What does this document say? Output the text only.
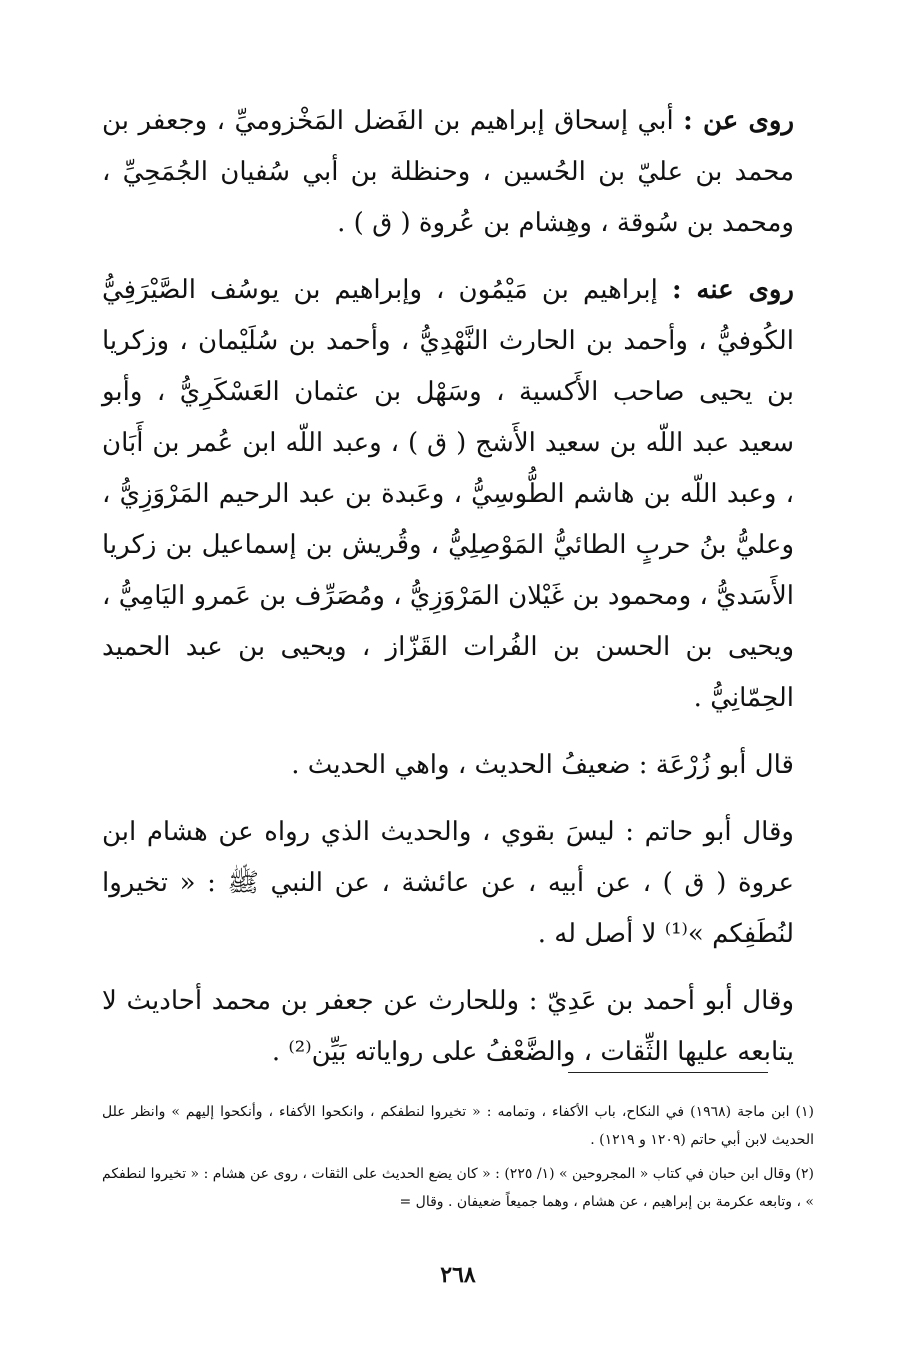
روى عن : أبي إسحاق إبراهيم بن الفَضل المَخْزوميِّ ، وجعفر بن محمد بن عليّ بن الحُسين ، وحنظلة بن أبي سُفيان الجُمَحِيِّ ، ومحمد بن سُوقة ، وهِشام بن عُروة ( ق ) .

روى عنه : إبراهيم بن مَيْمُون ، وإبراهيم بن يوسُف الصَّيْرَفِيُّ الكُوفيُّ ، وأحمد بن الحارث النَّهْدِيُّ ، وأحمد بن سُلَيْمان ، وزكريا بن يحيى صاحب الأَكسية ، وسَهْل بن عثمان العَسْكَرِيُّ ، وأبو سعيد عبد اللّه بن سعيد الأَشج ( ق ) ، وعبد اللّه ابن عُمر بن أَبَان ، وعبد اللّه بن هاشم الطُّوسِيُّ ، وعَبدة بن عبد الرحيم المَرْوَزِيُّ ، وعليُّ بنُ حربٍ الطائيُّ المَوْصِلِيُّ ، وقُريش بن إسماعيل بن زكريا الأَسَديُّ ، ومحمود بن غَيْلان المَرْوَزِيُّ ، ومُصَرِّف بن عَمرو اليَامِيُّ ، ويحيى بن الحسن بن الفُرات القَزّاز ، ويحيى بن عبد الحميد الحِمّانِيُّ .

قال أبو زُرْعَة : ضعيفُ الحديث ، واهي الحديث .

وقال أبو حاتم : ليسَ بقوي ، والحديث الذي رواه عن هشام ابن عروة ( ق ) ، عن أبيه ، عن عائشة ، عن النبي ﷺ : « تخيروا لنُطَفِكم »⁽¹⁾ لا أصل له .

وقال أبو أحمد بن عَدِيّ : وللحارث عن جعفر بن محمد أحاديث لا يتابعه عليها الثِّقات ، والضَّعْفُ على رواياته بَيِّن⁽²⁾ .

(١) ابن ماجة (١٩٦٨) في النكاح، باب الأكفاء ، وتمامه : « تخيروا لنطفكم ، وانكحوا الأكفاء ، وأنكحوا إليهم » وانظر علل الحديث لابن أبي حاتم (١٢٠٩ و ١٢١٩) .

(٢) وقال ابن حبان في كتاب « المجروحين » (١/ ٢٢٥) : « كان يضع الحديث على الثقات ، روى عن هشام : « تخيروا لنطفكم » ، وتابعه عكرمة بن إبراهيم ، عن هشام ، وهما جميعاً ضعيفان . وقال =

٢٦٨
